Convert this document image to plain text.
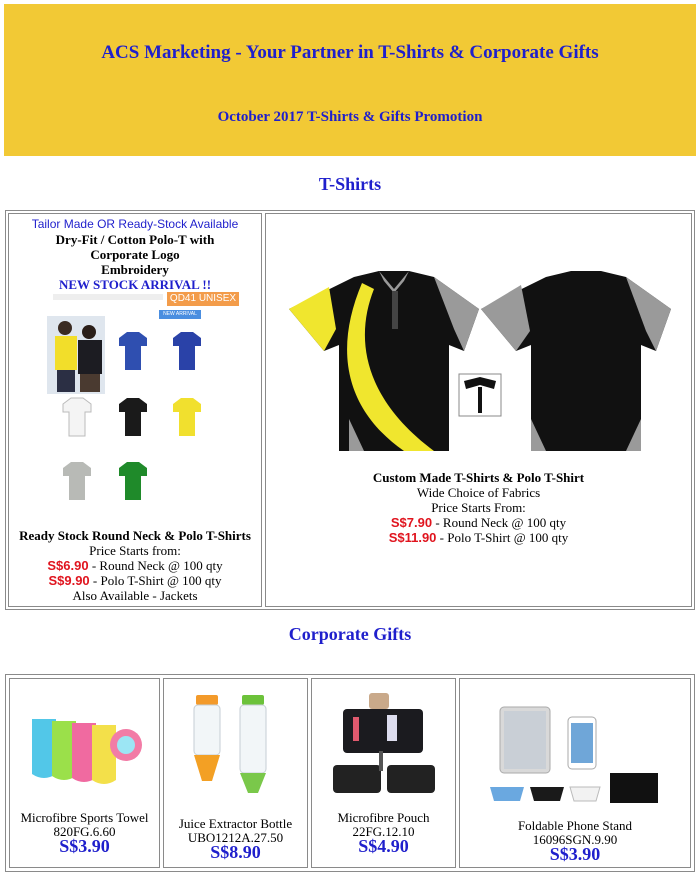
ACS Marketing - Your Partner in T-Shirts & Corporate Gifts
October 2017 T-Shirts & Gifts Promotion
T-Shirts
Tailor Made OR Ready-Stock Available
Dry-Fit / Cotton Polo-T with
Corporate Logo
Embroidery
NEW STOCK ARRIVAL !!
QD41 UNISEX
NEW ARRIVAL
Ready Stock Round Neck & Polo T-Shirts
Price Starts from:
S$6.90 - Round Neck @ 100 qty
S$9.90 - Polo T-Shirt @ 100 qty
Also Available - Jackets
Custom Made T-Shirts & Polo T-Shirt
Wide Choice of Fabrics
Price Starts From:
S$7.90 - Round Neck @ 100 qty
S$11.90 - Polo T-Shirt @ 100 qty
Corporate Gifts
Microfibre Sports Towel
820FG.6.60
S$3.90
Juice Extractor Bottle
UBO1212A.27.50
S$8.90
Microfibre Pouch
22FG.12.10
S$4.90
Foldable Phone Stand
16096SGN.9.90
S$3.90
